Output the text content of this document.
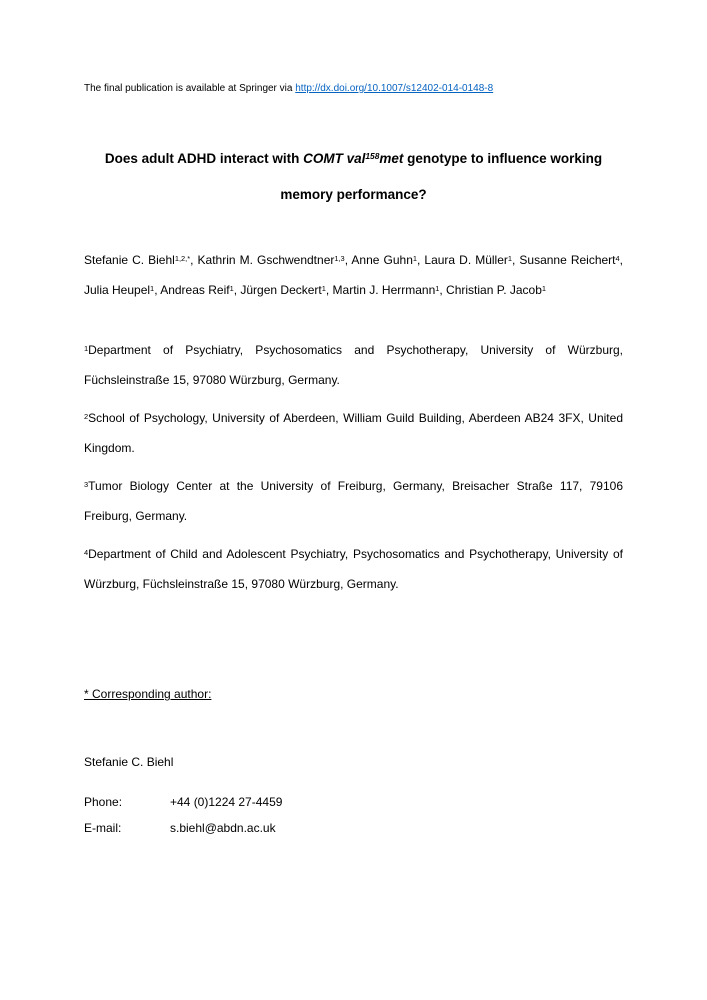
The final publication is available at Springer via http://dx.doi.org/10.1007/s12402-014-0148-8

Does adult ADHD interact with COMT val$^{158}$met genotype to influence working memory performance?

Stefanie C. Biehl$^{1,2,*}$, Kathrin M. Gschwendtner$^{1,3}$, Anne Guhn$^1$, Laura D. Müller$^1$, Susanne Reichert$^4$, Julia Heupel$^1$, Andreas Reif$^1$, Jürgen Deckert$^1$, Martin J. Herrmann$^1$, Christian P. Jacob$^1$

$^1$Department of Psychiatry, Psychosomatics and Psychotherapy, University of Würzburg, Füchsleinstraße 15, 97080 Würzburg, Germany.

$^2$School of Psychology, University of Aberdeen, William Guild Building, Aberdeen AB24 3FX, United Kingdom.

$^3$Tumor Biology Center at the University of Freiburg, Germany, Breisacher Straße 117, 79106 Freiburg, Germany.

$^4$Department of Child and Adolescent Psychiatry, Psychosomatics and Psychotherapy, University of Würzburg, Füchsleinstraße 15, 97080 Würzburg, Germany.

* Corresponding author:

Stefanie C. Biehl

Phone:	+44 (0)1224 27-4459
E-mail:	s.biehl@abdn.ac.uk
